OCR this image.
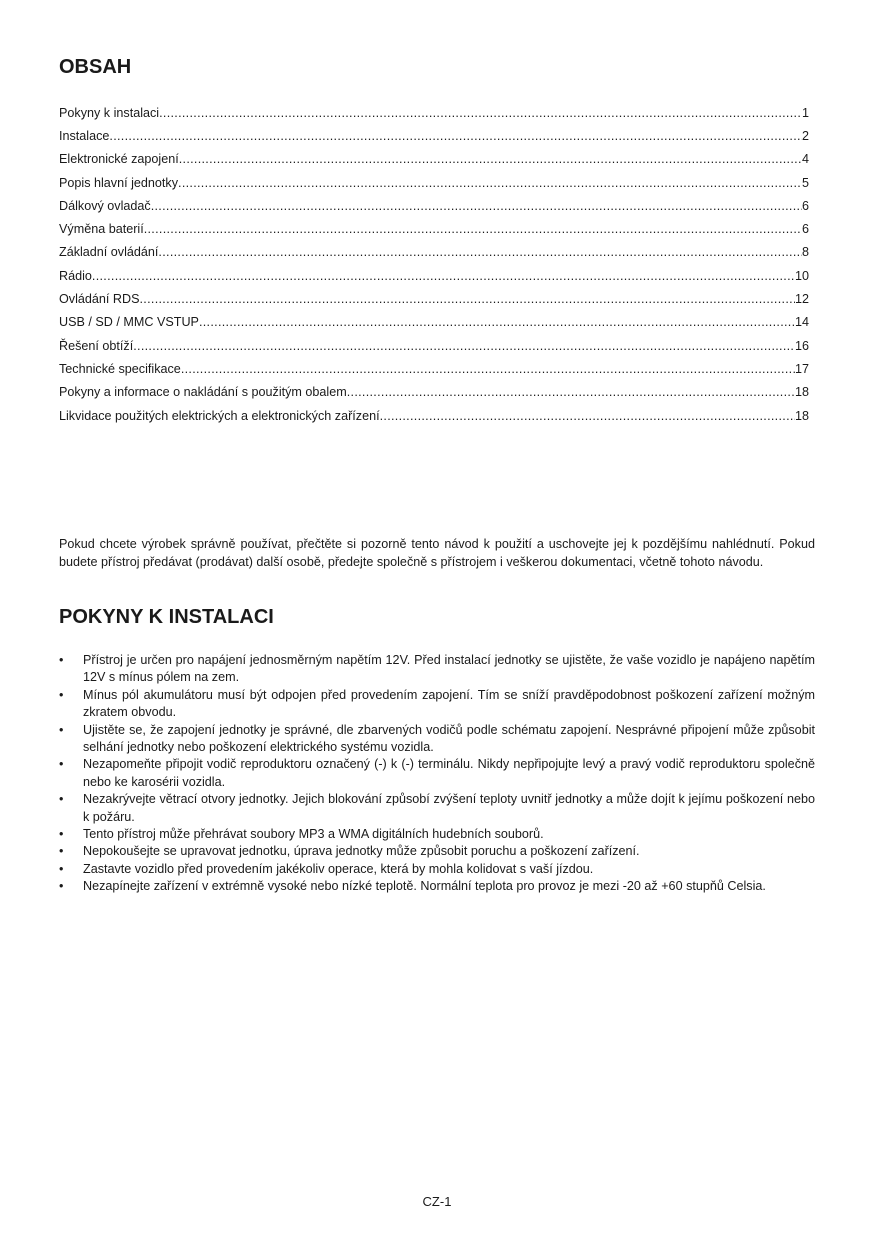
OBSAH
Pokyny k instalaci .....	1
Instalace .....	2
Elektronické zapojení .....	4
Popis hlavní jednotky .....	5
Dálkový ovladač .....	6
Výměna baterií .....	6
Základní ovládání .....	8
Rádio .....	10
Ovládání RDS .....	12
USB / SD / MMC VSTUP .....	14
Řešení obtíží .....	16
Technické specifikace .....	17
Pokyny a informace o nakládání s použitým obalem .....	18
Likvidace použitých elektrických a elektronických zařízení .....	18

Pokud chcete výrobek správně používat, přečtěte si pozorně tento návod k použití a uschovejte jej k pozdějšímu nahlédnutí. Pokud budete přístroj předávat (prodávat) další osobě, předejte společně s přístrojem i veškerou dokumentaci, včetně tohoto návodu.

POKYNY K INSTALACI
• Přístroj je určen pro napájení jednosměrným napětím 12V. Před instalací jednotky se ujistěte, že vaše vozidlo je napájeno napětím 12V s mínus pólem na zem.
• Mínus pól akumulátoru musí být odpojen před provedením zapojení. Tím se sníží pravděpodobnost poškození zařízení možným zkratem obvodu.
• Ujistěte se, že zapojení jednotky je správné, dle zbarvených vodičů podle schématu zapojení. Nesprávné připojení může způsobit selhání jednotky nebo poškození elektrického systému vozidla.
• Nezapomeňte připojit vodič reproduktoru označený (-) k (-) terminálu. Nikdy nepřipojujte levý a pravý vodič reproduktoru společně nebo ke karosérii vozidla.
• Nezakrývejte větrací otvory jednotky. Jejich blokování způsobí zvýšení teploty uvnitř jednotky a může dojít k jejímu poškození nebo k požáru.
• Tento přístroj může přehrávat soubory MP3 a WMA digitálních hudebních souborů.
• Nepokoušejte se upravovat jednotku, úprava jednotky může způsobit poruchu a poškození zařízení.
• Zastavte vozidlo před provedením jakékoliv operace, která by mohla kolidovat s vaší jízdou.
• Nezapínejte zařízení v extrémně vysoké nebo nízké teplotě. Normální teplota pro provoz je mezi -20 až +60 stupňů Celsia.
CZ-1
